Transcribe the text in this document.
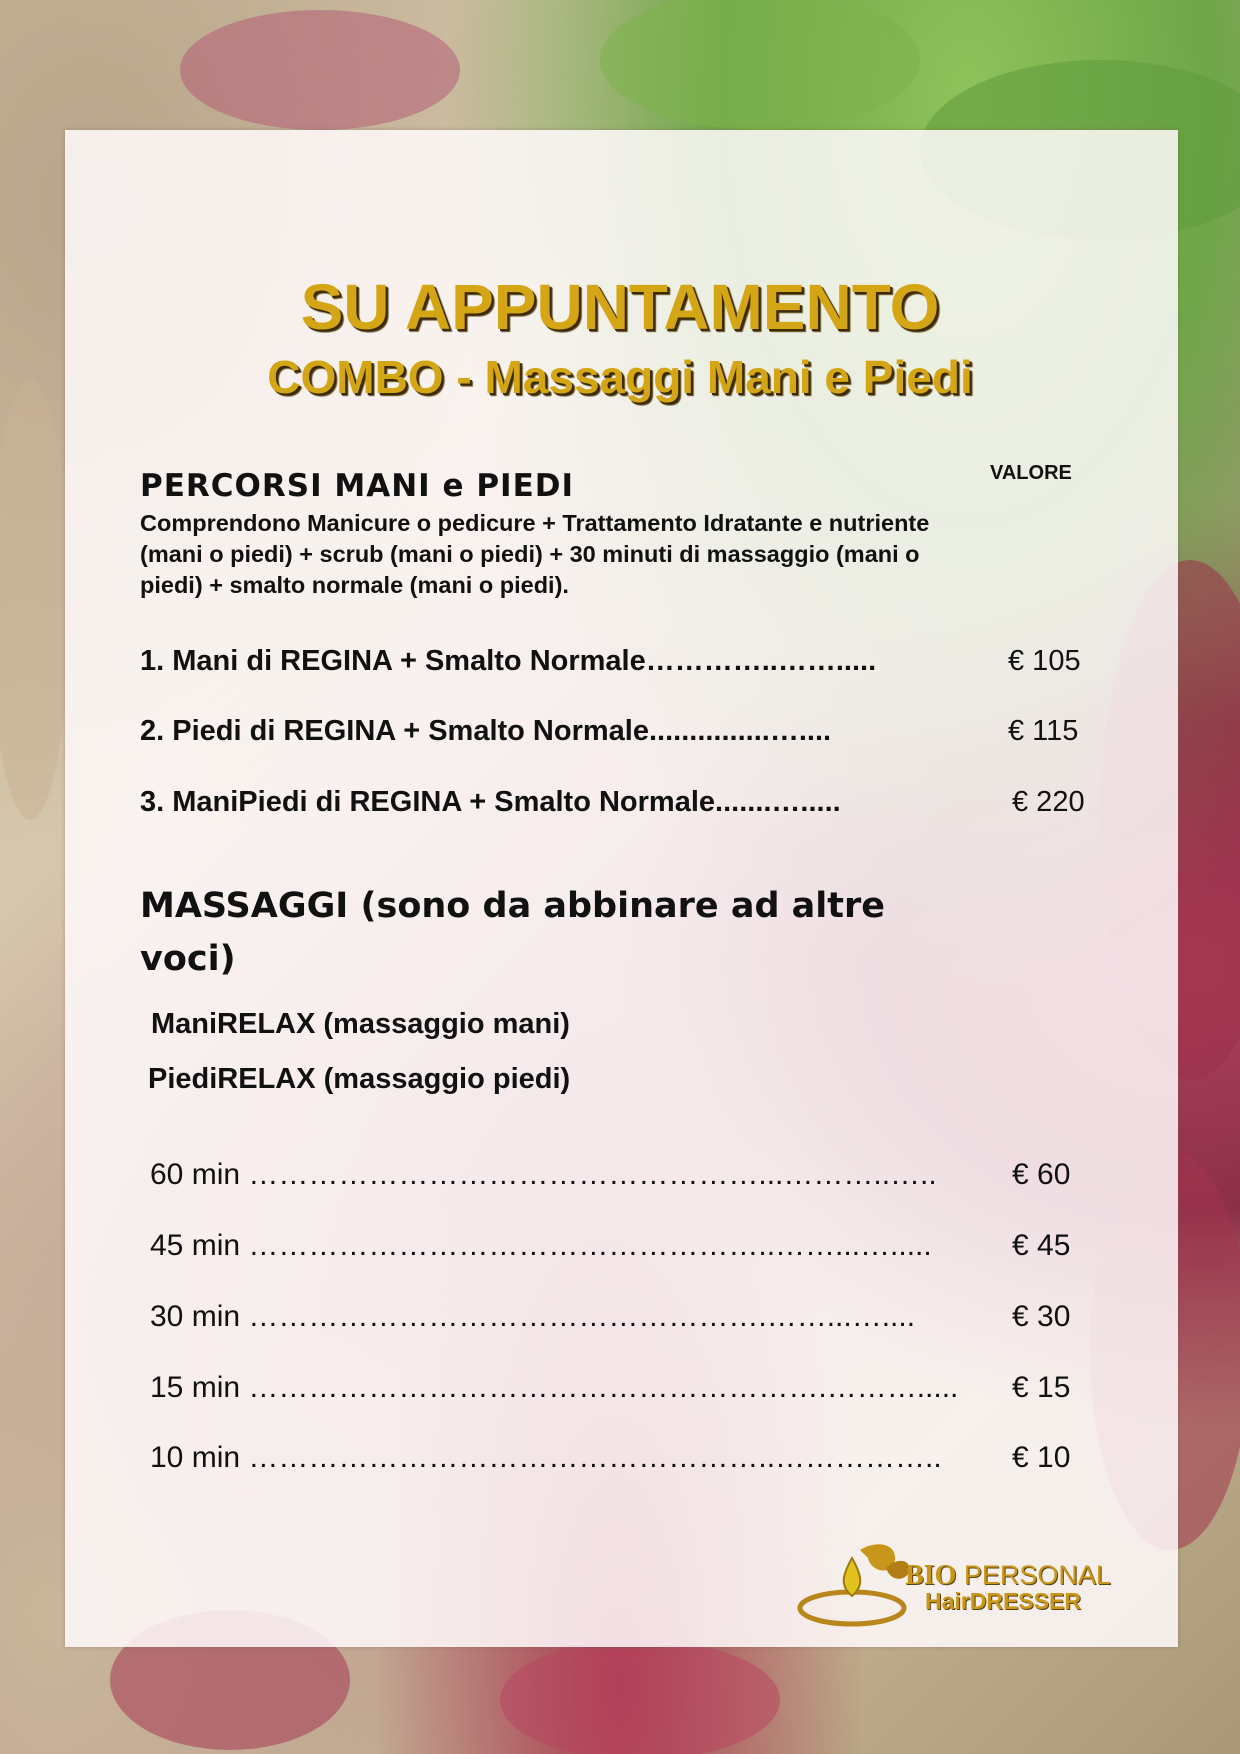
SU APPUNTAMENTO
COMBO - Massaggi Mani e Piedi
VALORE
PERCORSI MANI e PIEDI
Comprendono Manicure o pedicure + Trattamento Idratante e nutriente (mani o piedi) + scrub (mani o piedi) + 30 minuti di massaggio (mani o piedi) + smalto normale (mani o piedi).
1. Mani di REGINA + Smalto Normale…………..…….....	€ 105
2. Piedi di REGINA + Smalto Normale...............…....	€ 115
3. ManiPiedi di REGINA + Smalto Normale.......….....	€ 220
MASSAGGI (sono da abbinare ad altre voci)
ManiRELAX (massaggio mani)
PiediRELAX (massaggio piedi)
60 min ……………………………………………...………..…..	€ 60
45 min ……………………………………………..……...….....	€ 45
30 min …………………………………………….……...…....	€ 30
15 min ………………………………………………….………..... € 15
10 min ……………………………………………..…………….. € 10
BIO PERSONAL
HairDRESSER
